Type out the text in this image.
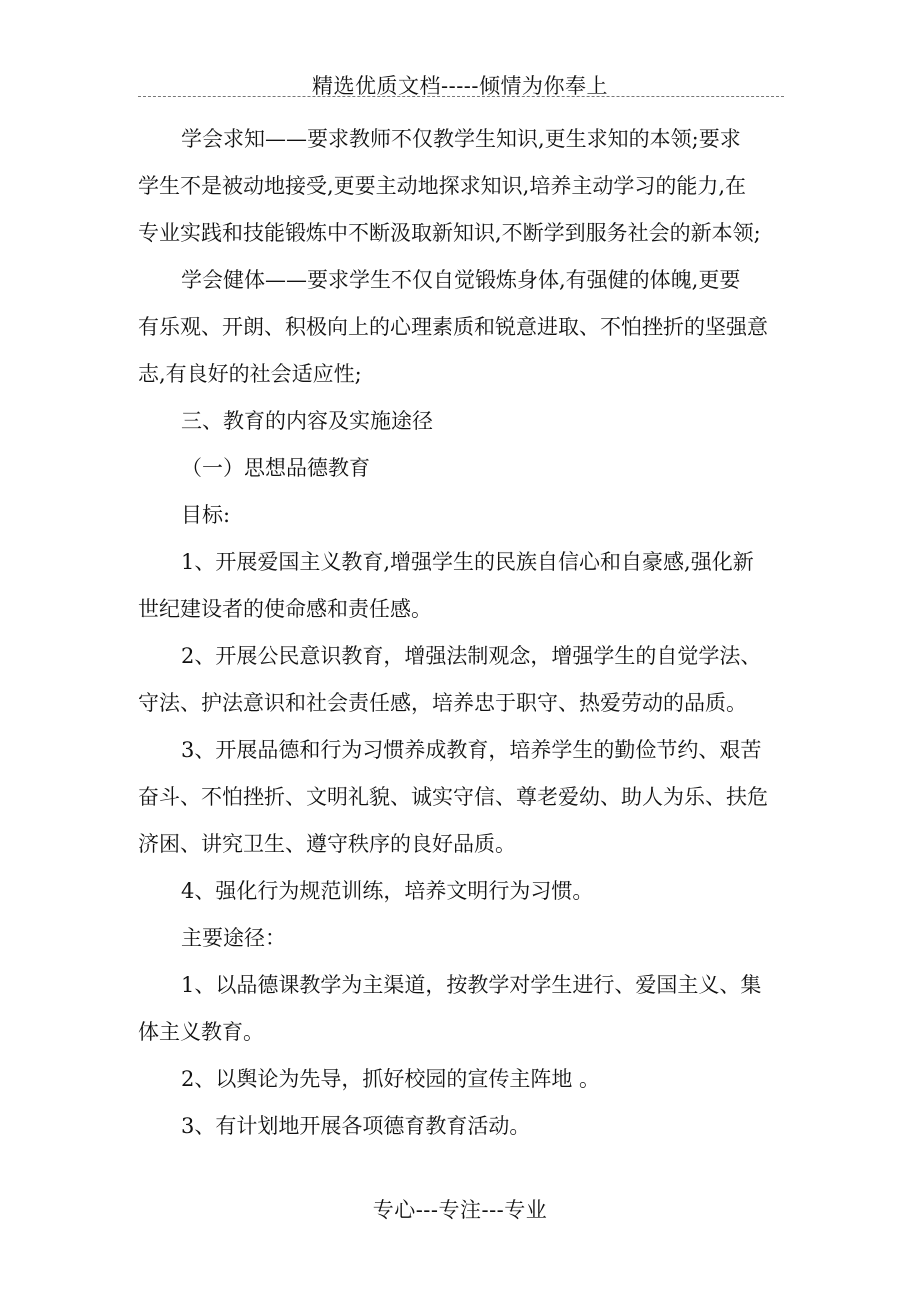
精选优质文档-----倾情为你奉上
学会求知——要求教师不仅教学生知识,更生求知的本领;要求
学生不是被动地接受,更要主动地探求知识,培养主动学习的能力,在
专业实践和技能锻炼中不断汲取新知识,不断学到服务社会的新本领;
学会健体——要求学生不仅自觉锻炼身体,有强健的体魄,更要
有乐观、开朗、积极向上的心理素质和锐意进取、不怕挫折的坚强意
志,有良好的社会适应性;
三、教育的内容及实施途径
（一）思想品德教育
目标:
1、开展爱国主义教育,增强学生的民族自信心和自豪感,强化新
世纪建设者的使命感和责任感。
2、开展公民意识教育，增强法制观念，增强学生的自觉学法、
守法、护法意识和社会责任感，培养忠于职守、热爱劳动的品质。
3、开展品德和行为习惯养成教育，培养学生的勤俭节约、艰苦
奋斗、不怕挫折、文明礼貌、诚实守信、尊老爱幼、助人为乐、扶危
济困、讲究卫生、遵守秩序的良好品质。
4、强化行为规范训练，培养文明行为习惯。
主要途径：
1、以品德课教学为主渠道，按教学对学生进行、爱国主义、集
体主义教育。
2、以舆论为先导，抓好校园的宣传主阵地 。
3、有计划地开展各项德育教育活动。
专心---专注---专业
